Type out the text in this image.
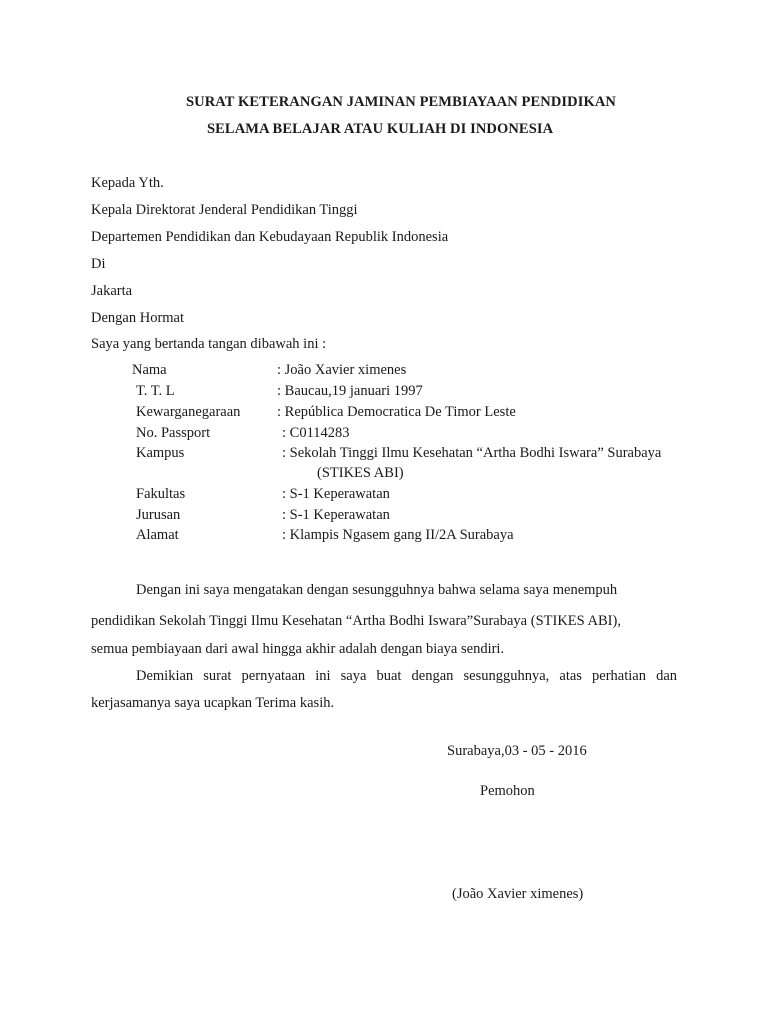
SURAT KETERANGAN JAMINAN PEMBIAYAAN PENDIDIKAN
SELAMA BELAJAR ATAU KULIAH DI INDONESIA
Kepada Yth.
Kepala Direktorat Jenderal Pendidikan Tinggi
Departemen Pendidikan dan Kebudayaan Republik Indonesia
Di
Jakarta
Dengan Hormat
Saya yang bertanda tangan dibawah ini :
Nama	: João Xavier ximenes
T. T. L	: Baucau,19 januari 1997
Kewarganegaraan	: República Democratica De Timor Leste
No. Passport	: C0114283
Kampus	: Sekolah Tinggi Ilmu Kesehatan “Artha Bodhi Iswara” Surabaya
(STIKES ABI)
Fakultas	: S-1 Keperawatan
Jurusan	: S-1 Keperawatan
Alamat	: Klampis Ngasem gang II/2A Surabaya
Dengan ini saya mengatakan dengan sesungguhnya bahwa selama saya menempuh
pendidikan Sekolah Tinggi Ilmu Kesehatan “Artha Bodhi Iswara”Surabaya (STIKES ABI),
semua pembiayaan dari awal hingga akhir adalah dengan biaya sendiri.
Demikian surat pernyataan ini saya buat dengan sesungguhnya, atas perhatian dan
kerjasamanya saya ucapkan Terima kasih.
Surabaya,03 - 05 - 2016
Pemohon
(João Xavier ximenes)
